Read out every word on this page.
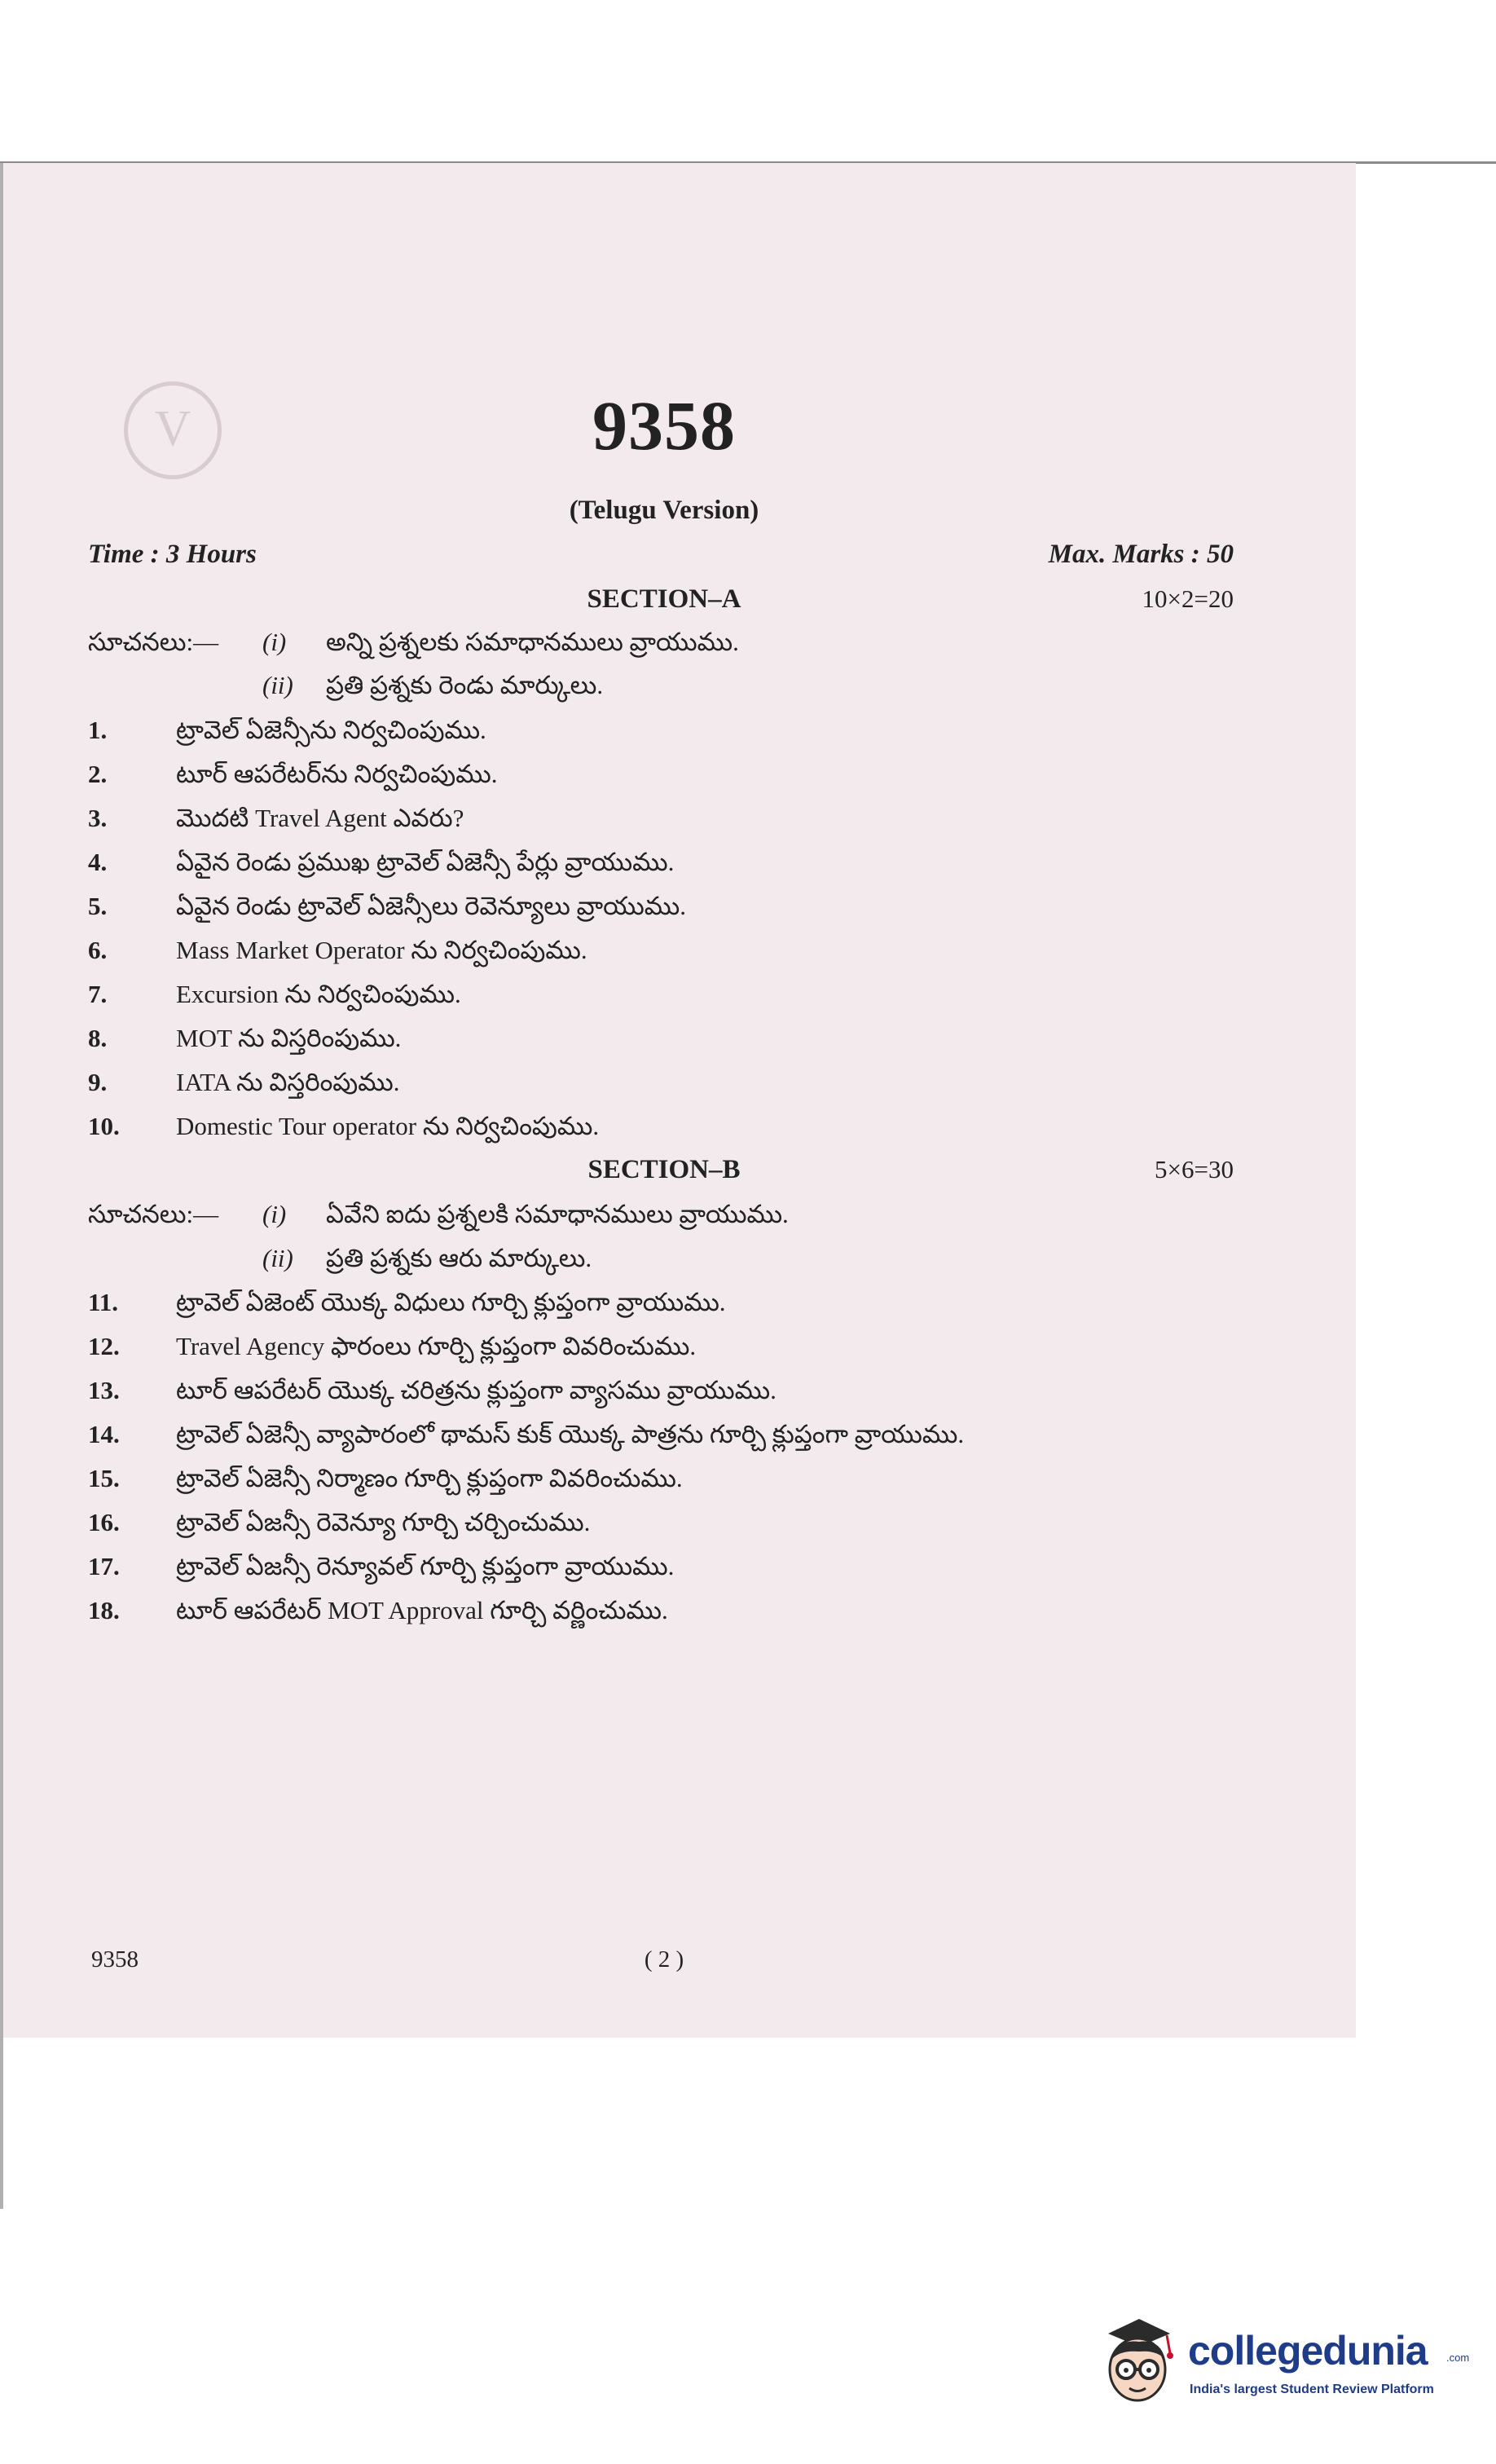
V	9358
(Telugu Version)
Time : 3 Hours	Max. Marks : 50
SECTION–A	10×2=20
సూచనలు:— (i) అన్ని ప్రశ్నలకు సమాధానములు వ్రాయుము.
(ii) ప్రతి ప్రశ్నకు రెండు మార్కులు.
1.	ట్రావెల్ ఏజెన్సీను నిర్వచింపుము.
2.	టూర్ ఆపరేటర్‌ను నిర్వచింపుము.
3.	మొదటి Travel Agent ఎవరు?
4.	ఏవైన రెండు ప్రముఖ ట్రావెల్ ఏజెన్సీ పేర్లు వ్రాయుము.
5.	ఏవైన రెండు ట్రావెల్ ఏజెన్సీలు రెవెన్యూలు వ్రాయుము.
6.	Mass Market Operator ను నిర్వచింపుము.
7.	Excursion ను నిర్వచింపుము.
8.	MOT ను విస్తరింపుము.
9.	IATA ను విస్తరింపుము.
10. Domestic Tour operator ను నిర్వచింపుము.
SECTION–B	5×6=30
సూచనలు:— (i) ఏవేని ఐదు ప్రశ్నలకి సమాధానములు వ్రాయుము.
(ii) ప్రతి ప్రశ్నకు ఆరు మార్కులు.
11. ట్రావెల్ ఏజెంట్ యొక్క విధులు గూర్చి క్లుప్తంగా వ్రాయుము.
12. Travel Agency ఫారంలు గూర్చి క్లుప్తంగా వివరించుము.
13. టూర్ ఆపరేటర్ యొక్క చరిత్రను క్లుప్తంగా వ్యాసము వ్రాయుము.
14. ట్రావెల్ ఏజెన్సీ వ్యాపారంలో థామస్ కుక్ యొక్క పాత్రను గూర్చి క్లుప్తంగా వ్రాయుము.
15. ట్రావెల్ ఏజెన్సీ నిర్మాణం గూర్చి క్లుప్తంగా వివరించుము.
16. ట్రావెల్ ఏజన్సీ రెవెన్యూ గూర్చి చర్చించుము.
17. ట్రావెల్ ఏజన్సీ రెన్యూవల్ గూర్చి క్లుప్తంగా వ్రాయుము.
18. టూర్ ఆపరేటర్ MOT Approval గూర్చి వర్ణించుము.
9358	( 2 )
collegedunia .com
India's largest Student Review Platform
